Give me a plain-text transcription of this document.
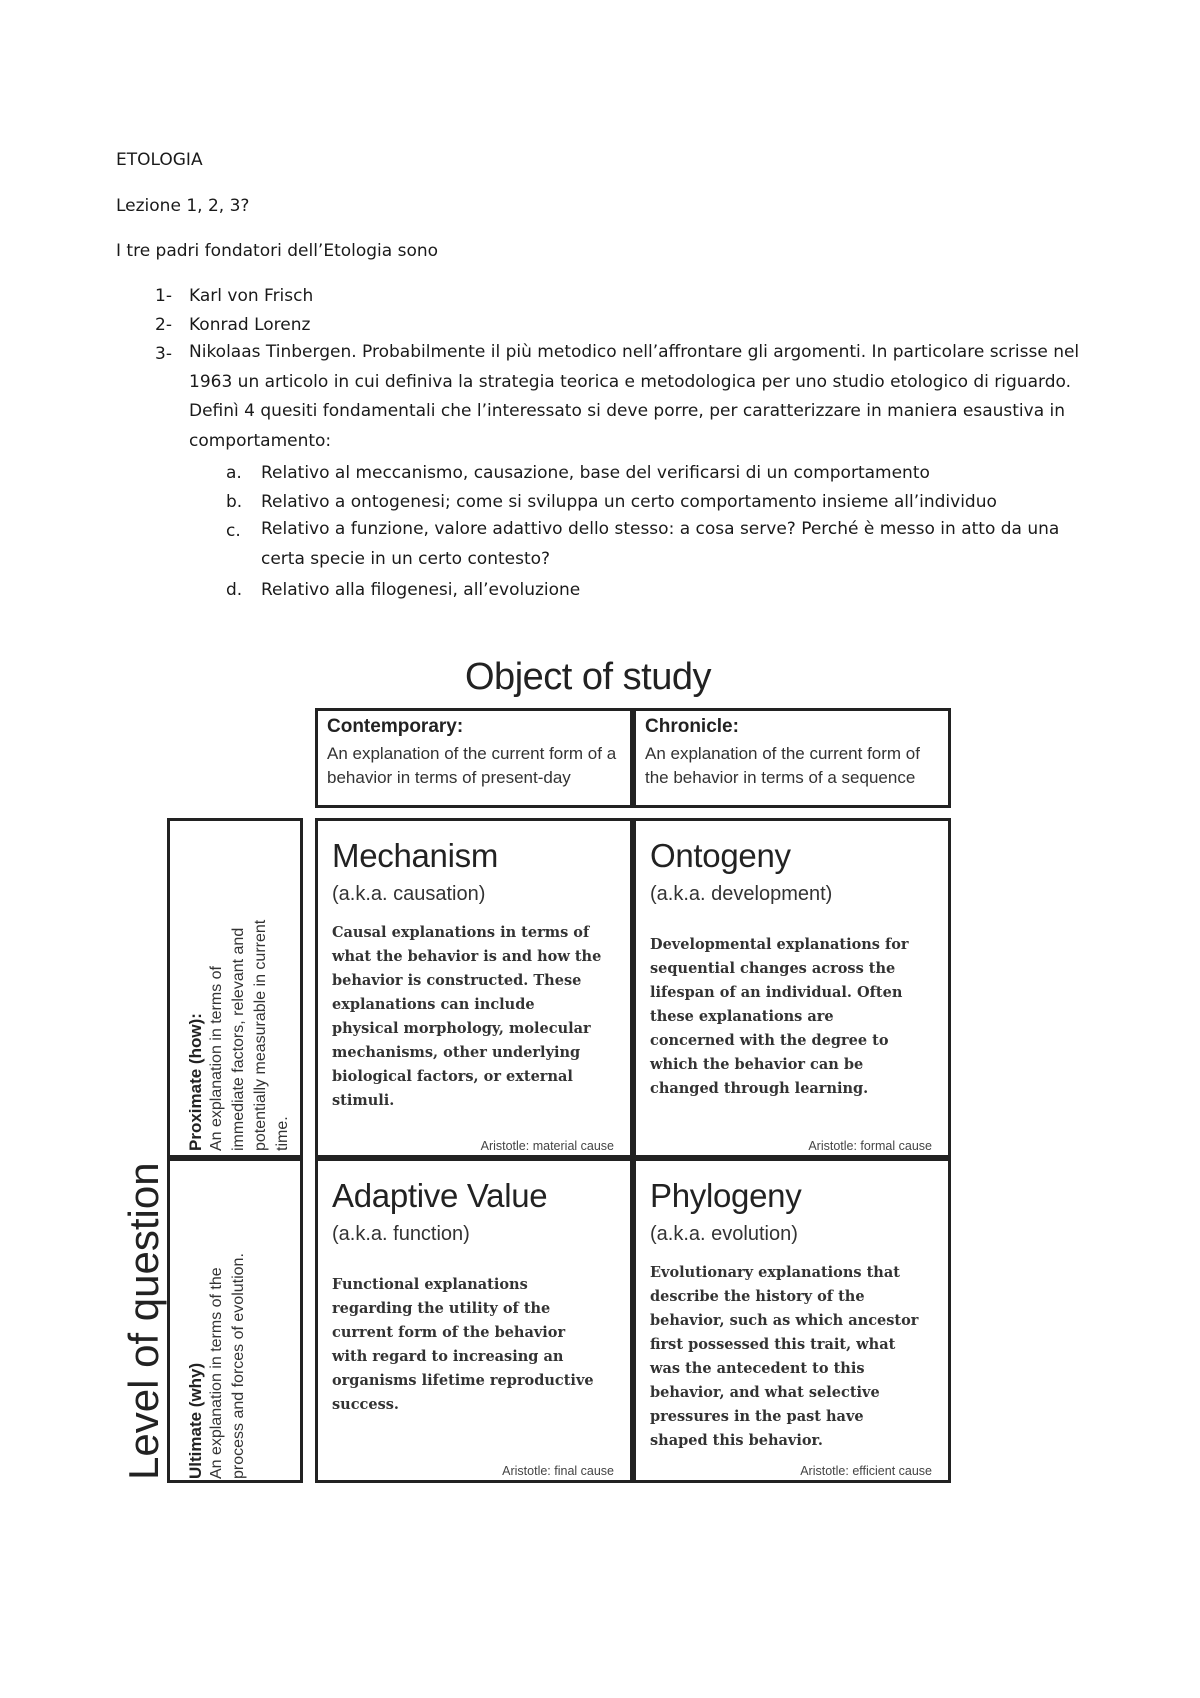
ETOLOGIA
Lezione 1, 2, 3?
I tre padri fondatori dell’Etologia sono
1- Karl von Frisch
2- Konrad Lorenz
3- Nikolaas Tinbergen. Probabilmente il più metodico nell’affrontare gli argomenti. In particolare scrisse nel 1963 un articolo in cui definiva la strategia teorica e metodologica per uno studio etologico di riguardo. Definì 4 quesiti fondamentali che l’interessato si deve porre, per caratterizzare in maniera esaustiva in comportamento:
a. Relativo al meccanismo, causazione, base del verificarsi di un comportamento
b. Relativo a ontogenesi; come si sviluppa un certo comportamento insieme all’individuo
c. Relativo a funzione, valore adattivo dello stesso: a cosa serve? Perché è messo in atto da una certa specie in un certo contesto?
d. Relativo alla filogenesi, all’evoluzione
Object of study
Contemporary:
An explanation of the current form of a behavior in terms of present-day
Chronicle:
An explanation of the current form of the behavior in terms of a sequence
Level of question
Proximate (how): An explanation in terms of immediate factors, relevant and potentially measurable in current time.
Ultimate (why) An explanation in terms of the process and forces of evolution.
Mechanism
(a.k.a. causation)
Causal explanations in terms of what the behavior is and how the behavior is constructed. These explanations can include physical morphology, molecular mechanisms, other underlying biological factors, or external stimuli.
Aristotle: material cause
Ontogeny
(a.k.a. development)
Developmental explanations for sequential changes across the lifespan of an individual. Often these explanations are concerned with the degree to which the behavior can be changed through learning.
Aristotle: formal cause
Adaptive Value
(a.k.a. function)
Functional explanations regarding the utility of the current form of the behavior with regard to increasing an organisms lifetime reproductive success.
Aristotle: final cause
Phylogeny
(a.k.a. evolution)
Evolutionary explanations that describe the history of the behavior, such as which ancestor first possessed this trait, what was the antecedent to this behavior, and what selective pressures in the past have shaped this behavior.
Aristotle: efficient cause
